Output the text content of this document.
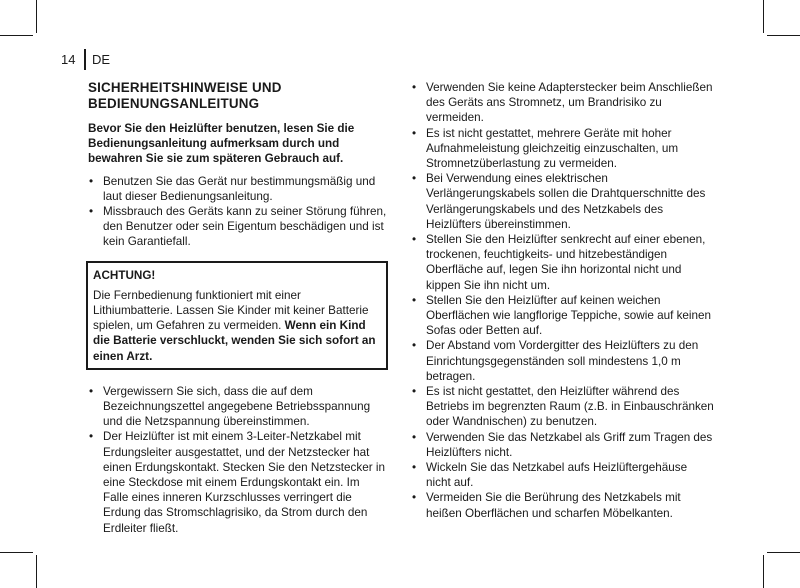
14	DE
SICHERHEITSHINWEISE UND
BEDIENUNGSANLEITUNG

Bevor Sie den Heizlüfter benutzen, lesen Sie die Bedienungsanleitung aufmerksam durch und bewahren Sie sie zum späteren Gebrauch auf.

• Benutzen Sie das Gerät nur bestimmungsmäßig und laut dieser Bedienungsanleitung.
• Missbrauch des Geräts kann zu seiner Störung führen, den Benutzer oder sein Eigentum beschädigen und ist kein Garantiefall.
ACHTUNG!
Die Fernbedienung funktioniert mit einer Lithiumbatterie. Lassen Sie Kinder mit keiner Batterie spielen, um Gefahren zu vermeiden. Wenn ein Kind die Batterie verschluckt, wenden Sie sich sofort an einen Arzt.
• Vergewissern Sie sich, dass die auf dem Bezeichnungszettel angegebene Betriebsspannung und die Netzspannung übereinstimmen.
• Der Heizlüfter ist mit einem 3-Leiter-Netzkabel mit Erdungsleiter ausgestattet, und der Netzstecker hat einen Erdungskontakt. Stecken Sie den Netzstecker in eine Steckdose mit einem Erdungskontakt ein. Im Falle eines inneren Kurzschlusses verringert die Erdung das Stromschlagrisiko, da Strom durch den Erdleiter fließt.
• Verwenden Sie keine Adapterstecker beim Anschließen des Geräts ans Stromnetz, um Brandrisiko zu vermeiden.
• Es ist nicht gestattet, mehrere Geräte mit hoher Aufnahmeleistung gleichzeitig einzuschalten, um Stromnetzüberlastung zu vermeiden.
• Bei Verwendung eines elektrischen Verlängerungskabels sollen die Drahtquerschnitte des Verlängerungskabels und des Netzkabels des Heizlüfters übereinstimmen.
• Stellen Sie den Heizlüfter senkrecht auf einer ebenen, trockenen, feuchtigkeits- und hitzebeständigen Oberfläche auf, legen Sie ihn horizontal nicht und kippen Sie ihn nicht um.
• Stellen Sie den Heizlüfter auf keinen weichen Oberflächen wie langflorige Teppiche, sowie auf keinen Sofas oder Betten auf.
• Der Abstand vom Vordergitter des Heizlüfters zu den Einrichtungsgegenständen soll mindestens 1,0 m betragen.
• Es ist nicht gestattet, den Heizlüfter während des Betriebs im begrenzten Raum (z.B. in Einbauschränken oder Wandnischen) zu benutzen.
• Verwenden Sie das Netzkabel als Griff zum Tragen des Heizlüfters nicht.
• Wickeln Sie das Netzkabel aufs Heizlüftergehäuse nicht auf.
• Vermeiden Sie die Berührung des Netzkabels mit heißen Oberflächen und scharfen Möbelkanten.
